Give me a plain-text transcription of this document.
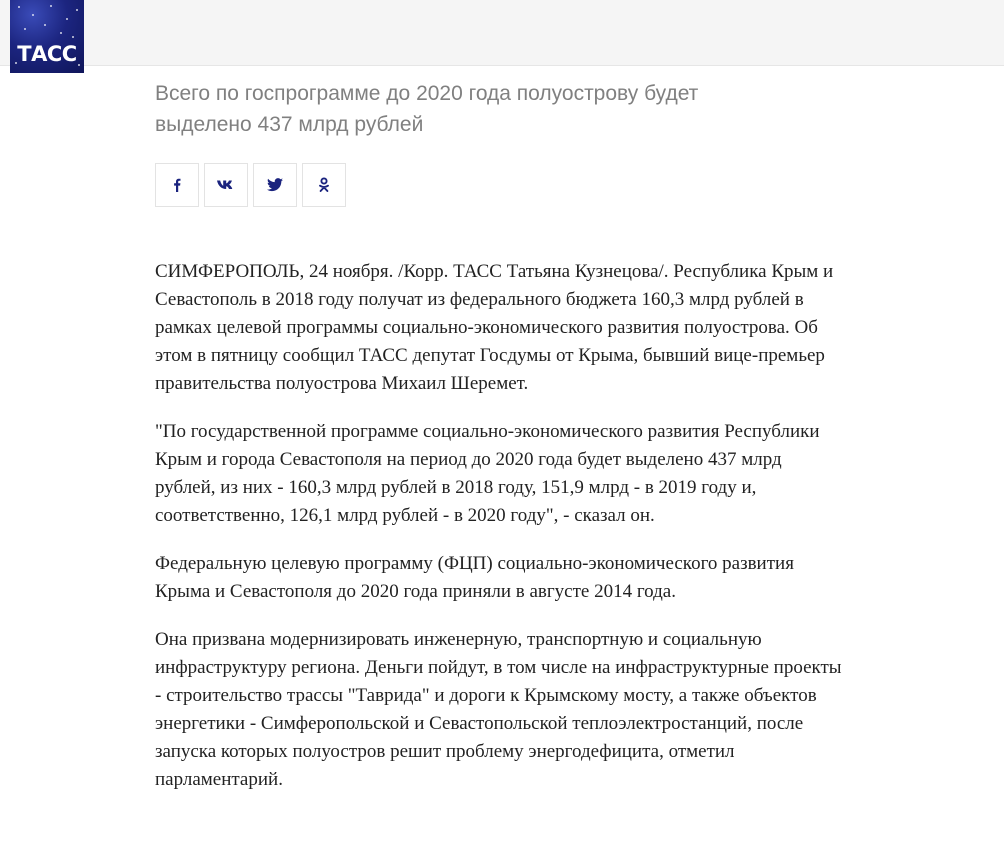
ТАСС

Всего по госпрограмме до 2020 года полуострову будет выделено 437 млрд рублей

СИМФЕРОПОЛЬ, 24 ноября. /Корр. ТАСС Татьяна Кузнецова/. Республика Крым и Севастополь в 2018 году получат из федерального бюджета 160,3 млрд рублей в рамках целевой программы социально-экономического развития полуострова. Об этом в пятницу сообщил ТАСС депутат Госдумы от Крыма, бывший вице-премьер правительства полуострова Михаил Шеремет.

"По государственной программе социально-экономического развития Республики Крым и города Севастополя на период до 2020 года будет выделено 437 млрд рублей, из них - 160,3 млрд рублей в 2018 году, 151,9 млрд - в 2019 году и, соответственно, 126,1 млрд рублей - в 2020 году", - сказал он.

Федеральную целевую программу (ФЦП) социально-экономического развития Крыма и Севастополя до 2020 года приняли в августе 2014 года.

Она призвана модернизировать инженерную, транспортную и социальную инфраструктуру региона. Деньги пойдут, в том числе на инфраструктурные проекты - строительство трассы "Таврида" и дороги к Крымскому мосту, а также объектов энергетики - Симферопольской и Севастопольской теплоэлектростанций, после запуска которых полуостров решит проблему энергодефицита, отметил парламентарий.
